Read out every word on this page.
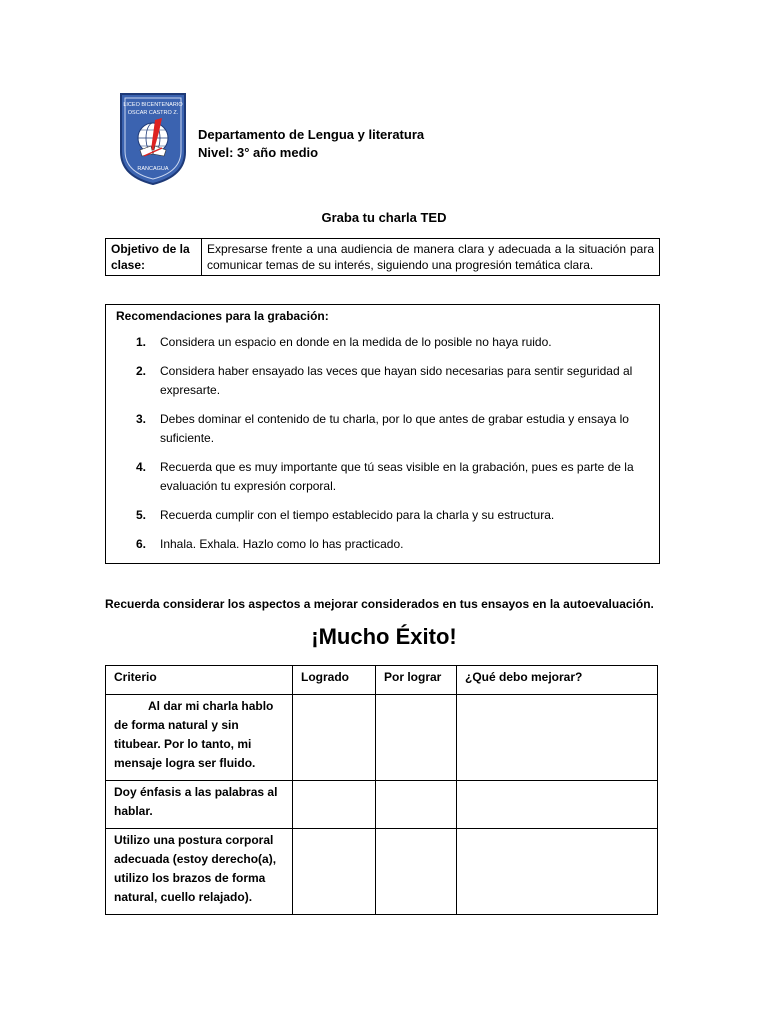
LICEO BICENTENARIO
OSCAR CASTRO Z.
RANCAGUA
Departamento de Lengua y literatura
Nivel: 3° año medio
Graba tu charla TED
Objetivo de la clase:	Expresarse frente a una audiencia de manera clara y adecuada a la situación para comunicar temas de su interés, siguiendo una progresión temática clara.
Recomendaciones para la grabación:
1. Considera un espacio en donde en la medida de lo posible no haya ruido.
2. Considera haber ensayado las veces que hayan sido necesarias para sentir seguridad al expresarte.
3. Debes dominar el contenido de tu charla, por lo que antes de grabar estudia y ensaya lo suficiente.
4. Recuerda que es muy importante que tú seas visible en la grabación, pues es parte de la evaluación tu expresión corporal.
5. Recuerda cumplir con el tiempo establecido para la charla y su estructura.
6. Inhala. Exhala. Hazlo como lo has practicado.
Recuerda considerar los aspectos a mejorar considerados en tus ensayos en la autoevaluación.
¡Mucho Éxito!
Criterio	Logrado	Por lograr	¿Qué debo mejorar?

Al dar mi charla hablo de forma natural y sin titubear. Por lo tanto, mi mensaje logra ser fluido.			

Doy énfasis a las palabras al hablar.			
Utilizo una postura corporal adecuada (estoy derecho(a), utilizo los brazos de forma natural, cuello relajado).			
